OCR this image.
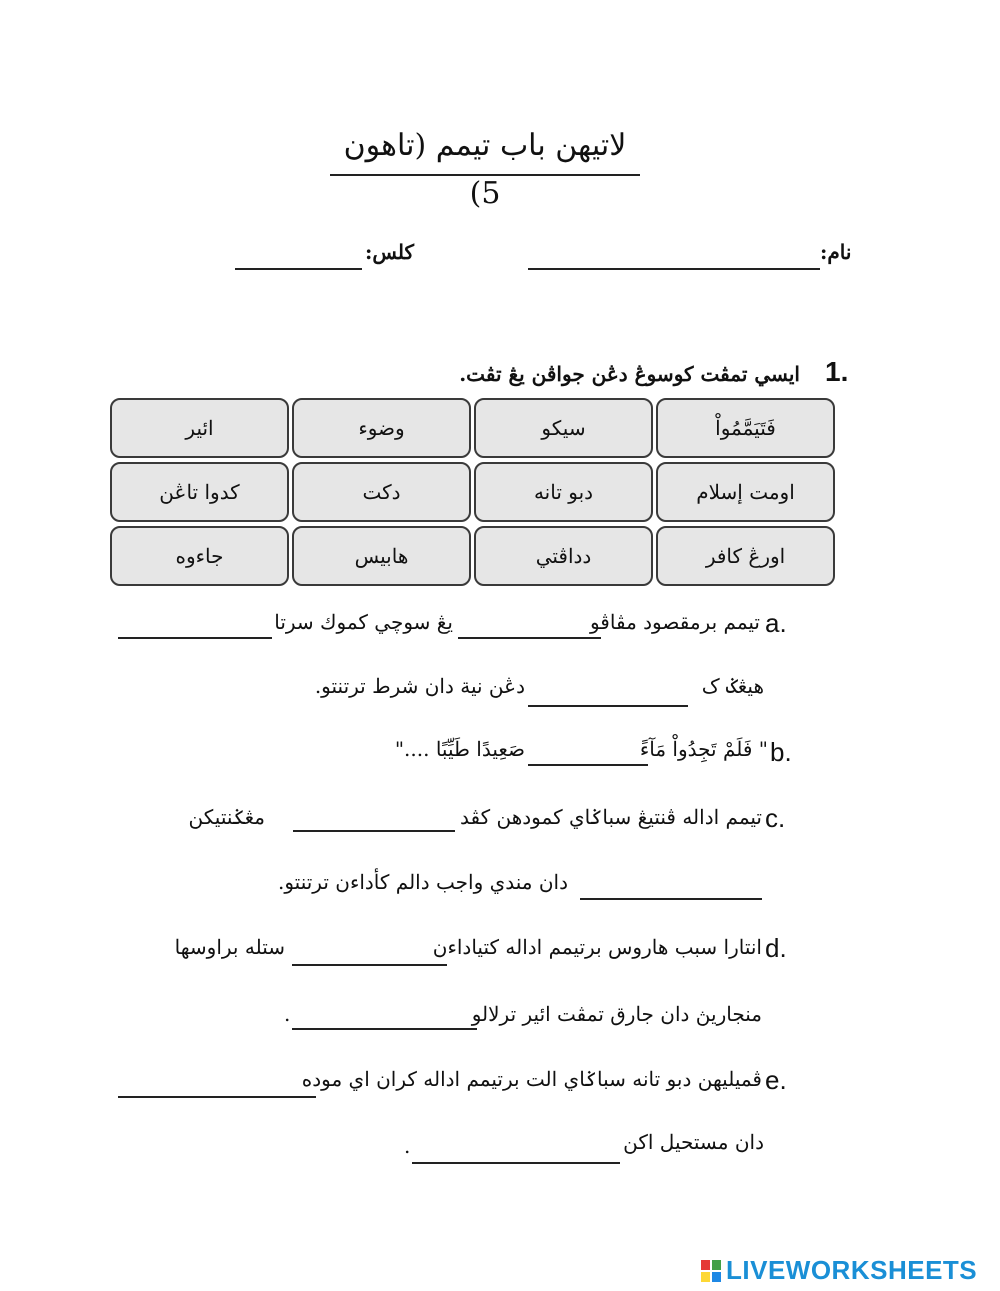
لاتيهن باب تيمم (تاهون 5)
نام:
كلس:
1.
ايسي تمڤت كوسوڠ دڠن جواڤن يڠ تڤت.
فَتَيَمَّمُواْ
سيكو
وضوء
ائير
اومت إسلام
دبو تانه
دكت
كدوا تاڠن
اورڠ كافر
دداڤتي
هابيس
جاءوه
a.
تيمم برمقصود مڤاڤو
يڠ سوچي كموك سرتا
هيڠݢ ک
دڠن نية دان شرط ترتنتو.
b.
" فَلَمْ تَجِدُواْ مَآءً
صَعِيدًا طَيِّبًا ...."
c.
تيمم اداله ڤنتيڠ سباݢاي كمودهن كڤد
مڠݢنتيكن
دان مندي واجب دالم كأداءن ترتنتو.
d.
انتارا سبب هاروس برتيمم اداله كتياداءن
ستله براوسها
منجاريڽ دان جارق تمڤت ائير ترلالو
.
e.
ڤميليهن دبو تانه سباݢاي الت برتيمم اداله كران اي موده
دان مستحيل اكن
.
LIVEWORKSHEETS
